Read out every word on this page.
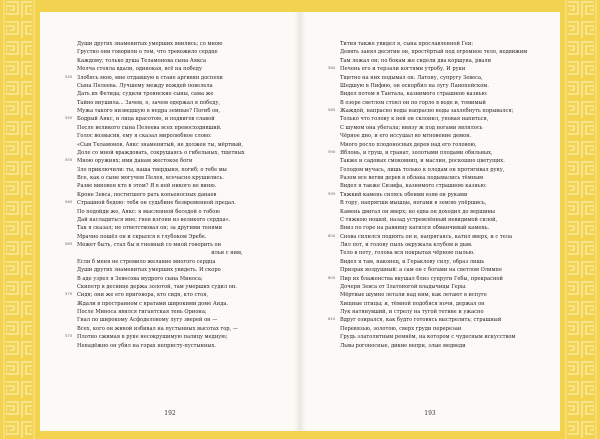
Души других знаменитых умерших явились; со мною
Грустно они говорили о том, что тревожило сердце
Каждому; только душа Теламонова сына Аякса
Молча стояла вдали, одинокая, всё на победу
545 Злобясь мою, мне отдавшую в стане аргивян доспехи
Сына Пелеева. Лучшему между вождей повелела
Дать их Фетида; судили троянские сыны, сама же
Тайно внушила... Зачем, о, зачем одержал я победу,
Мужа такого низведшую в недра земные? Погиб он,
550 Бодрый Аякс, и лица красотою, и подвигов славой
После великого сына Пелеева всех превосходивший.
Голос возвысив, ему я сказал миролюбное слово:
«Сын Теламонов, Аякс знаменитый, не должен ты, мёртвый,
Доле со мной враждовать, сокрушаясь о гибельных, тщетных
555 Мною оружиях; ими данам жестокое боги
Зло приключили: ты, наша твердыня, погиб; о тебе мы
Все, как о сыне могучем Пелея, всечасно крушились.
Разве виновен кто в этом? Я в ней никого не виню.
Кроне Зевса, постигшего рать копьеносных данаев
560 Страшной бедою: тебя он судьбине безвременной предал.
По подойди же, Аякс: я мысленной беседой о тобою
Дай насладиться мне; гнев изгони из великого сердца».
Так я сказал; не ответствовал он; за другими тенями
Мрачно пошёл он и скрылся в глубоком Эребе.
565 Может быть, стал бы и гневный со мной говорить он
ильи с ним,
Если б меня не стремило желание многого сердца
Души других знаменитых умерших увидеть. И скоро
В аде узрел я Зевесова мудрого сына Миноса;
Скипетр в деснице держа золотой, там умерших судил он.
570 Сидя; они же его приговора, кто сидя, кто стоя,
Ждали в пространном с вратами широкими доме Аида.
После Миноса явился гигантская тень Ориона;
Гнал по широкому Асфоделовому лугу зверей он —
Всех, кого он живой избивал на пустынных высотах гор, —
575 Плотно сжимая в руке несокрушимую палицу медную;
Ненадёжно он убил на горах непристу-пустынных.
192
Тития также увидел я, сына прославленной Геи:
Девять занял десятин он, простёртый под огромное тело, недвижим
Там лежал он; по бокам же сидели два коршуна, рвали
580 Печень его и терзали когтями утробу. И руки
Тщетно на них подымал он. Латону, супругу Зевеса,
Шедшую в Пифию, он оскорбил на лугу Панопейском.
Видел потом я Тантала, казнимого страшною казнью:
В озере светлом стоял он по горло в воде и, томимый
585 Жаждой, напрасно воды напрасно воды захлебнуть порывался;
Только что голову к ней он склонил, уповая напиться,
С шумом она убегала; внизу ж под ногами являлось
Чёрное дно, и его иссушал во мгновение демон.
Много росло плодоносных дерев над его головою,
590 Яблонь, и груш, и гранат, золотыми плодами обильных,
Также и садовых смоковниц, и маслин, роскошно цветущих.
Голодом мучась, лишь только к плодам он протягивал руку,
Разом все ветви дерев в облака подымались тёмным
Видел я также Сизифа, казнимого страшною казнью:
595 Тяжкий камень силясь обеими взяв он руками
В гору, напрягши мышцы, ногами в землю упёршись,
Камень двигал он вверх; но едва он доходил до вершины
С тяжкою ношей, назад устремлённый невидимой силой,
Вниз по горе на равнину катился обманчивый камень.
600 Снова силился поднять он и, напрягаясь, катил вверх, и с тела
Лил пот, и голову пыль окружала клубом и дым.
Тело в поту, голова вся покрытая чёрною пылью.
Видел я там, наконец, и Гераклову силу, образ лишь
Призрак воздушный: а сам он с богами на светлом Олимпе
605 Пир их блаженства вкушал близ супруги Гебы, прекрасной
Дочери Зевса от Златоногой владычицы Геры.
Мёртвые шумно летали над ним, как летают в испуге
Хищные птицы; и, тёмной подобяся ночи, держал он
Лук натянувший, и стрелу на тугой тетиве и ужасно
610 Вдруг озирался, как будто готовясь выстрелить; страшный
Перевязью, золотою, сверх груди перерезан
Грудь златолитным ремнём, на котором с чудесным искусством
Львы рогоносные, дикие вепри, злые медведи
193
